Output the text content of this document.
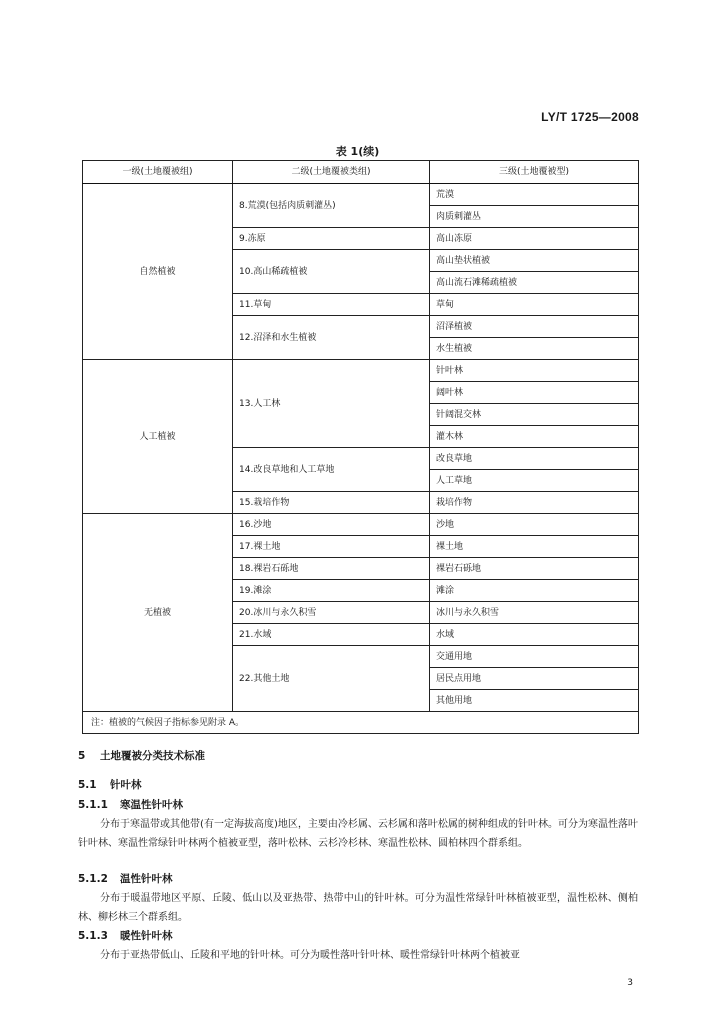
LY/T 1725—2008
表 1(续)
一级(土地覆被组)	二级(土地覆被类组)	三级(土地覆被型)
自然植被	8.荒漠(包括肉质刺灌丛)	荒漠
		肉质刺灌丛
	9.冻原	高山冻原
	10.高山稀疏植被	高山垫状植被
		高山流石滩稀疏植被
	11.草甸	草甸
	12.沼泽和水生植被	沼泽植被
		水生植被
人工植被	13.人工林	针叶林
		阔叶林
		针阔混交林
		灌木林
	14.改良草地和人工草地	改良草地
		人工草地
	15.栽培作物	栽培作物
无植被	16.沙地	沙地
	17.裸土地	裸土地
	18.裸岩石砾地	裸岩石砾地
	19.滩涂	滩涂
	20.冰川与永久积雪	冰川与永久积雪
	21.水域	水域
	22.其他土地	交通用地
		居民点用地
		其他用地
注：植被的气候因子指标参见附录 A。		
5 土地覆被分类技术标准
5.1 针叶林
5.1.1 寒温性针叶林
分布于寒温带或其他带(有一定海拔高度)地区，主要由冷杉属、云杉属和落叶松属的树种组成的针叶林。可分为寒温性落叶针叶林、寒温性常绿针叶林两个植被亚型，落叶松林、云杉冷杉林、寒温性松林、圆柏林四个群系组。
5.1.2 温性针叶林
分布于暖温带地区平原、丘陵、低山以及亚热带、热带中山的针叶林。可分为温性常绿针叶林植被亚型，温性松林、侧柏林、柳杉林三个群系组。
5.1.3 暖性针叶林
分布于亚热带低山、丘陵和平地的针叶林。可分为暖性落叶针叶林、暖性常绿针叶林两个植被亚
3
